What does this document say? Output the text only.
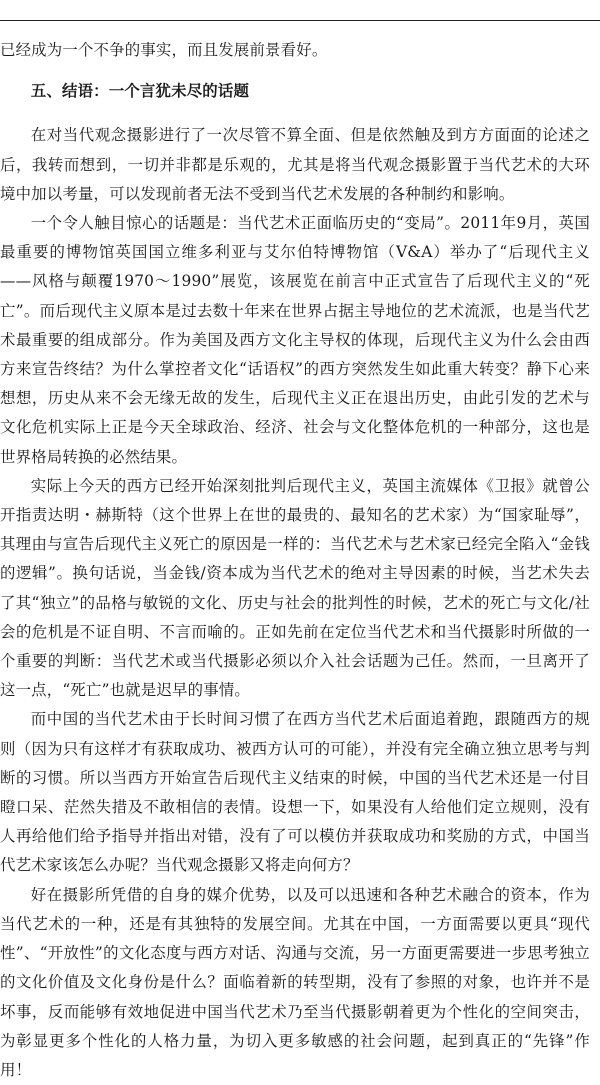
已经成为一个不争的事实，而且发展前景看好。

五、结语：一个言犹未尽的话题

在对当代观念摄影进行了一次尽管不算全面、但是依然触及到方方面面的论述之后，我转而想到，一切并非都是乐观的，尤其是将当代观念摄影置于当代艺术的大环境中加以考量，可以发现前者无法不受到当代艺术发展的各种制约和影响。

一个令人触目惊心的话题是：当代艺术正面临历史的“变局”。2011年9月，英国最重要的博物馆英国国立维多利亚与艾尔伯特博物馆（V&A）举办了“后现代主义——风格与颠覆1970～1990”展览，该展览在前言中正式宣告了后现代主义的“死亡”。而后现代主义原本是过去数十年来在世界占据主导地位的艺术流派，也是当代艺术最重要的组成部分。作为美国及西方文化主导权的体现，后现代主义为什么会由西方来宣告终结？为什么掌控者文化“话语权”的西方突然发生如此重大转变？静下心来想想，历史从来不会无缘无故的发生，后现代主义正在退出历史，由此引发的艺术与文化危机实际上正是今天全球政治、经济、社会与文化整体危机的一种部分，这也是世界格局转换的必然结果。

实际上今天的西方已经开始深刻批判后现代主义，英国主流媒体《卫报》就曾公开指责达明・赫斯特（这个世界上在世的最贵的、最知名的艺术家）为“国家耻辱”，其理由与宣告后现代主义死亡的原因是一样的：当代艺术与艺术家已经完全陷入“金钱的逻辑”。换句话说，当金钱/资本成为当代艺术的绝对主导因素的时候，当艺术失去了其“独立”的品格与敏锐的文化、历史与社会的批判性的时候，艺术的死亡与文化/社会的危机是不证自明、不言而喻的。正如先前在定位当代艺术和当代摄影时所做的一个重要的判断：当代艺术或当代摄影必须以介入社会话题为己任。然而，一旦离开了这一点，“死亡”也就是迟早的事情。

而中国的当代艺术由于长时间习惯了在西方当代艺术后面追着跑，跟随西方的规则（因为只有这样才有获取成功、被西方认可的可能），并没有完全确立独立思考与判断的习惯。所以当西方开始宣告后现代主义结束的时候，中国的当代艺术还是一付目瞪口呆、茫然失措及不敢相信的表情。设想一下，如果没有人给他们定立规则，没有人再给他们给予指导并指出对错，没有了可以模仿并获取成功和奖励的方式，中国当代艺术家该怎么办呢？当代观念摄影又将走向何方？

好在摄影所凭借的自身的媒介优势，以及可以迅速和各种艺术融合的资本，作为当代艺术的一种，还是有其独特的发展空间。尤其在中国，一方面需要以更具“现代性”、“开放性”的文化态度与西方对话、沟通与交流，另一方面更需要进一步思考独立的文化价值及文化身份是什么？面临着新的转型期，没有了参照的对象，也许并不是坏事，反而能够有效地促进中国当代艺术乃至当代摄影朝着更为个性化的空间突击，为彰显更多个性化的人格力量，为切入更多敏感的社会问题，起到真正的“先锋”作用！
